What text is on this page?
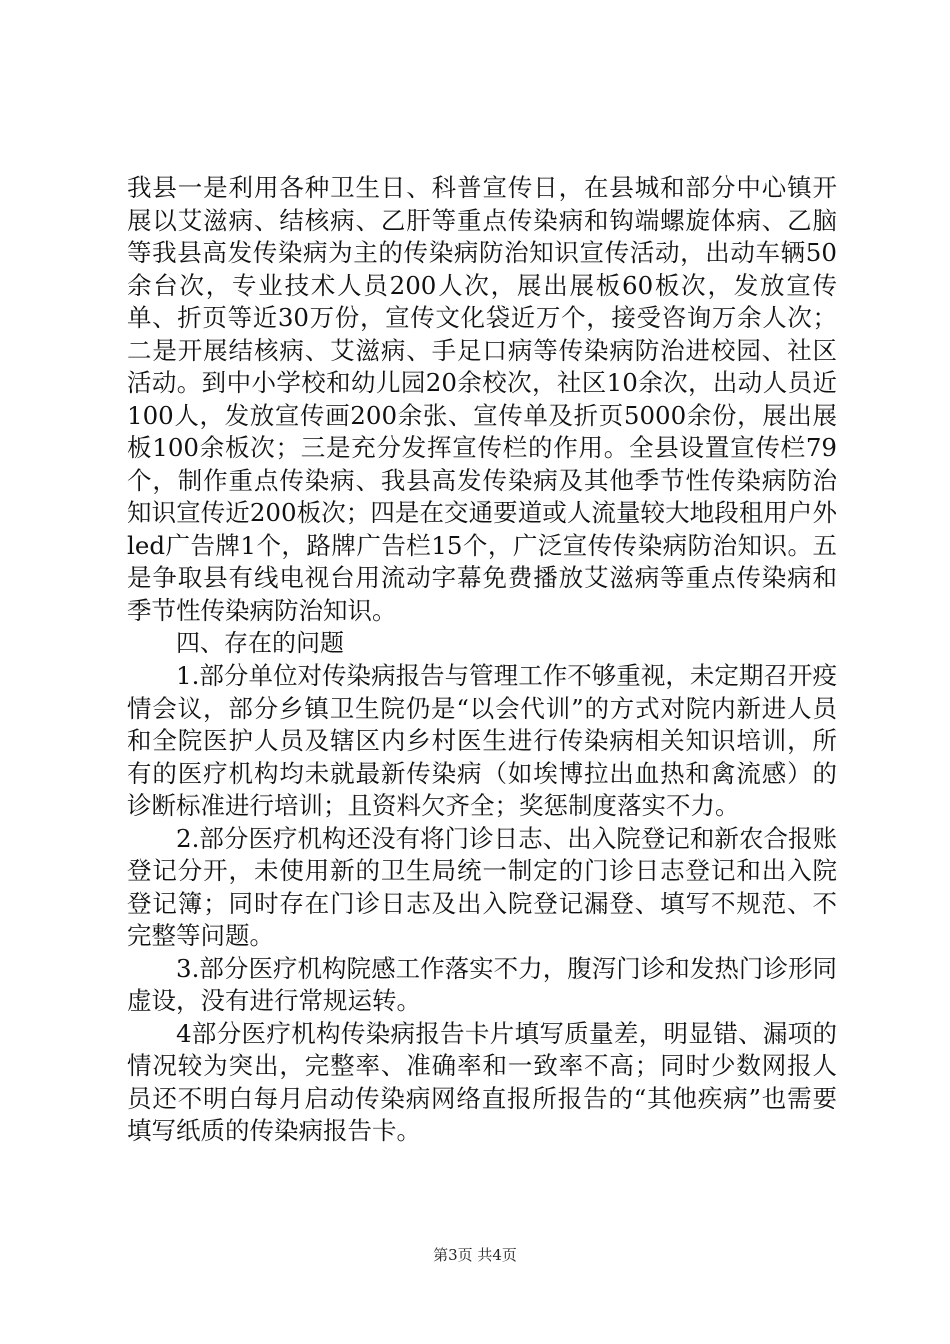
我县一是利用各种卫生日、科普宣传日，在县城和部分中心镇开展以艾滋病、结核病、乙肝等重点传染病和钩端螺旋体病、乙脑等我县高发传染病为主的传染病防治知识宣传活动，出动车辆50余台次，专业技术人员200人次，展出展板60板次，发放宣传单、折页等近30万份，宣传文化袋近万个，接受咨询万余人次；二是开展结核病、艾滋病、手足口病等传染病防治进校园、社区活动。到中小学校和幼儿园20余校次，社区10余次，出动人员近100人，发放宣传画200余张、宣传单及折页5000余份，展出展板100余板次；三是充分发挥宣传栏的作用。全县设置宣传栏79个，制作重点传染病、我县高发传染病及其他季节性传染病防治知识宣传近200板次；四是在交通要道或人流量较大地段租用户外led广告牌1个，路牌广告栏15个，广泛宣传传染病防治知识。五是争取县有线电视台用流动字幕免费播放艾滋病等重点传染病和季节性传染病防治知识。

四、存在的问题

1.部分单位对传染病报告与管理工作不够重视，未定期召开疫情会议，部分乡镇卫生院仍是“以会代训”的方式对院内新进人员和全院医护人员及辖区内乡村医生进行传染病相关知识培训，所有的医疗机构均未就最新传染病（如埃博拉出血热和禽流感）的诊断标准进行培训；且资料欠齐全；奖惩制度落实不力。

2.部分医疗机构还没有将门诊日志、出入院登记和新农合报账登记分开，未使用新的卫生局统一制定的门诊日志登记和出入院登记簿；同时存在门诊日志及出入院登记漏登、填写不规范、不完整等问题。

3.部分医疗机构院感工作落实不力，腹泻门诊和发热门诊形同虚设，没有进行常规运转。

4部分医疗机构传染病报告卡片填写质量差，明显错、漏项的情况较为突出，完整率、准确率和一致率不高；同时少数网报人员还不明白每月启动传染病网络直报所报告的“其他疾病”也需要填写纸质的传染病报告卡。

第3页 共4页
